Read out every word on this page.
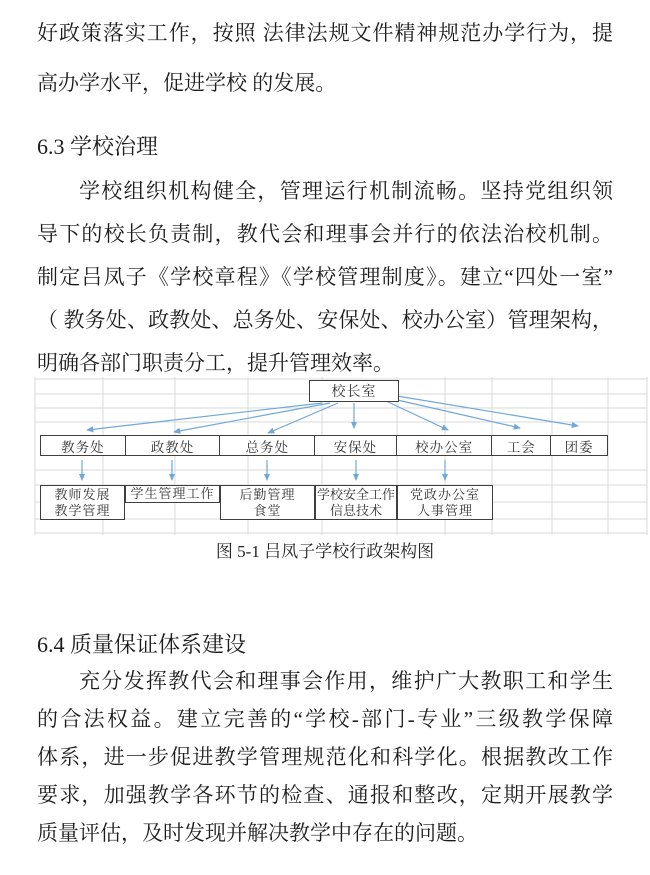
好政策落实工作，按照 法律法规文件精神规范办学行为，提
高办学水平，促进学校 的发展。
6.3 学校治理
学校组织机构健全，管理运行机制流畅。坚持党组织领
导下的校长负责制，教代会和理事会并行的依法治校机制。
制定吕凤子《学校章程》《学校管理制度》。建立“四处一室”
（ 教务处、政教处、总务处、安保处、校办公室）管理架构，
明确各部门职责分工，提升管理效率。
校长室
教务处	政教处	总务处	安保处	校办公室	工会	团委
教师发展
教学管理
学生管理工作 后勤管理
食堂
学校安全工作
信息技术
党政办公室
人事管理
图 5-1 吕凤子学校行政架构图
6.4 质量保证体系建设
充分发挥教代会和理事会作用，维护广大教职工和学生
的合法权益。建立完善的“学校-部门-专业”三级教学保障
体系，进一步促进教学管理规范化和科学化。根据教改工作
要求，加强教学各环节的检查、通报和整改，定期开展教学
质量评估，及时发现并解决教学中存在的问题。
